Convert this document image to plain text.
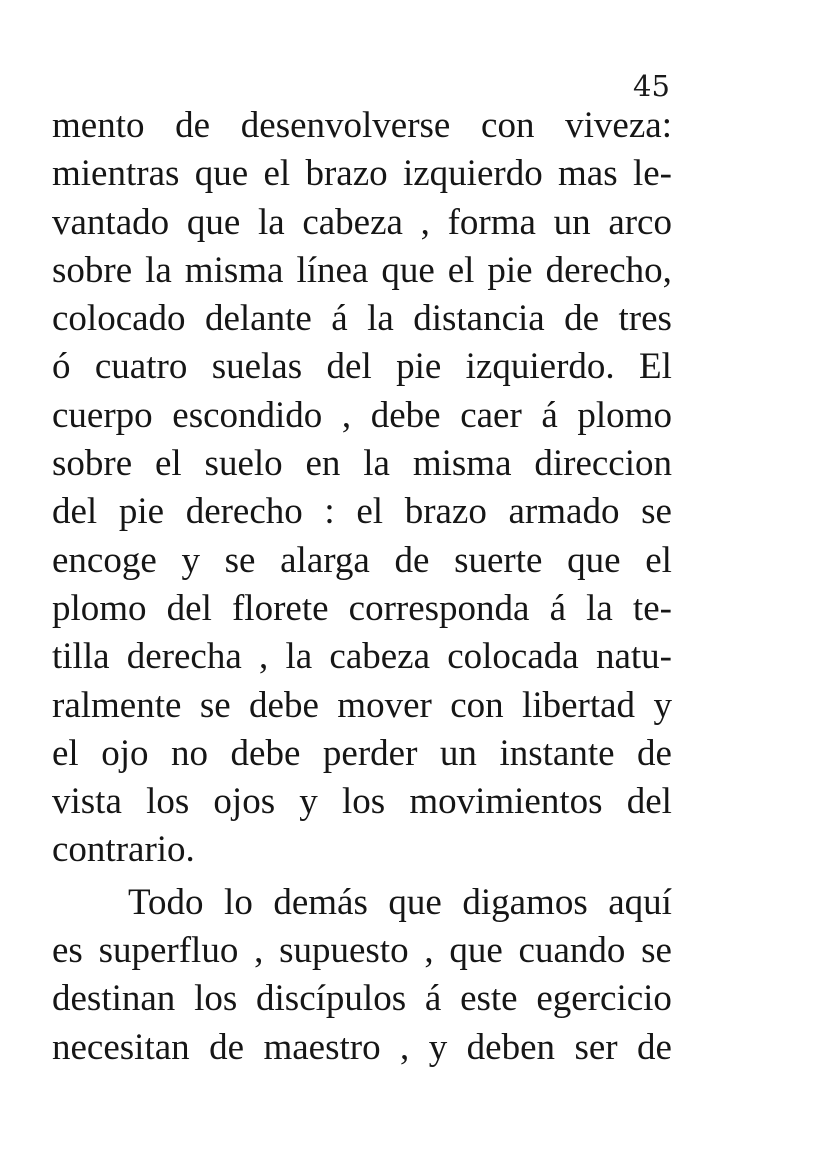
45
mento de desenvolverse con viveza:
mientras que el brazo izquierdo mas le-
vantado que la cabeza , forma un arco
sobre la misma línea que el pie derecho,
colocado delante á la distancia de tres
ó cuatro suelas del pie izquierdo. El
cuerpo escondido , debe caer á plomo
sobre el suelo en la misma direccion
del pie derecho : el brazo armado se
encoge y se alarga de suerte que el
plomo del florete corresponda á la te-
tilla derecha , la cabeza colocada natu-
ralmente se debe mover con libertad y
el ojo no debe perder un instante de
vista los ojos y los movimientos del
contrario.
Todo lo demás que digamos aquí
es superfluo , supuesto , que cuando se
destinan los discípulos á este egercicio
necesitan de maestro , y deben ser de
